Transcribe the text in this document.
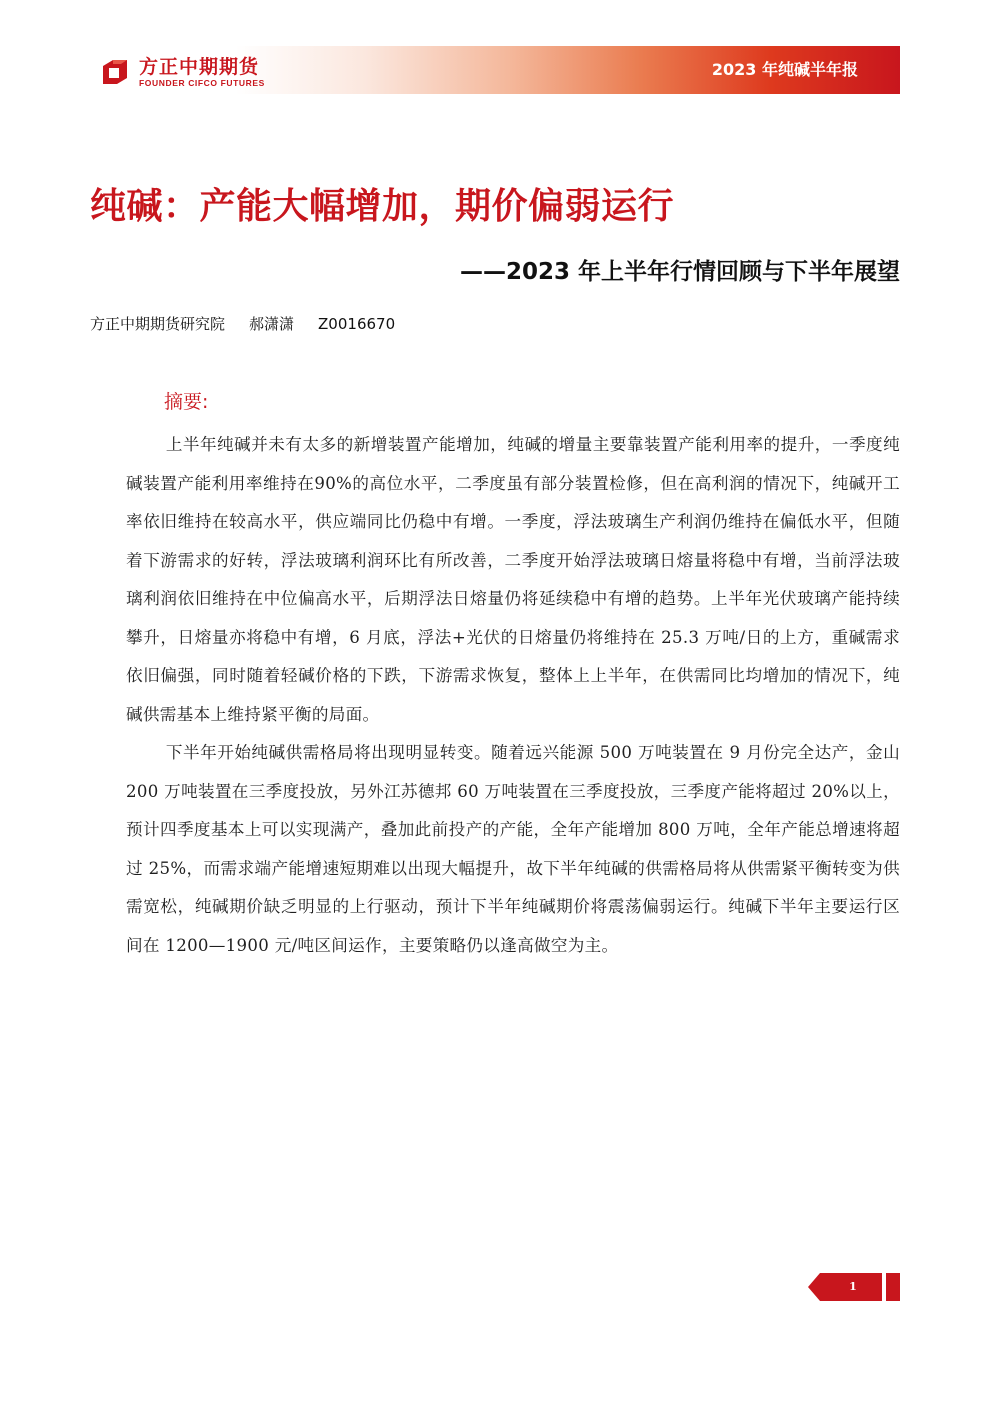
方正中期期货
FOUNDER CIFCO FUTURES
2023 年纯碱半年报
纯碱：产能大幅增加，期价偏弱运行
——2023 年上半年行情回顾与下半年展望
方正中期期货研究院 郝潇潇 Z0016670
摘要:

上半年纯碱并未有太多的新增装置产能增加，纯碱的增量主要靠装置产能利用率的提升，一季度纯碱装置产能利用率维持在90%的高位水平，二季度虽有部分装置检修，但在高利润的情况下，纯碱开工率依旧维持在较高水平，供应端同比仍稳中有增。一季度，浮法玻璃生产利润仍维持在偏低水平，但随着下游需求的好转，浮法玻璃利润环比有所改善，二季度开始浮法玻璃日熔量将稳中有增，当前浮法玻璃利润依旧维持在中位偏高水平，后期浮法日熔量仍将延续稳中有增的趋势。上半年光伏玻璃产能持续攀升，日熔量亦将稳中有增，6 月底，浮法+光伏的日熔量仍将维持在 25.3 万吨/日的上方，重碱需求依旧偏强，同时随着轻碱价格的下跌，下游需求恢复，整体上上半年，在供需同比均增加的情况下，纯碱供需基本上维持紧平衡的局面。

下半年开始纯碱供需格局将出现明显转变。随着远兴能源 500 万吨装置在 9 月份完全达产，金山 200 万吨装置在三季度投放，另外江苏德邦 60 万吨装置在三季度投放，三季度产能将超过 20%以上，预计四季度基本上可以实现满产，叠加此前投产的产能，全年产能增加 800 万吨，全年产能总增速将超过 25%，而需求端产能增速短期难以出现大幅提升，故下半年纯碱的供需格局将从供需紧平衡转变为供需宽松，纯碱期价缺乏明显的上行驱动，预计下半年纯碱期价将震荡偏弱运行。纯碱下半年主要运行区间在 1200—1900 元/吨区间运作，主要策略仍以逢高做空为主。

1
